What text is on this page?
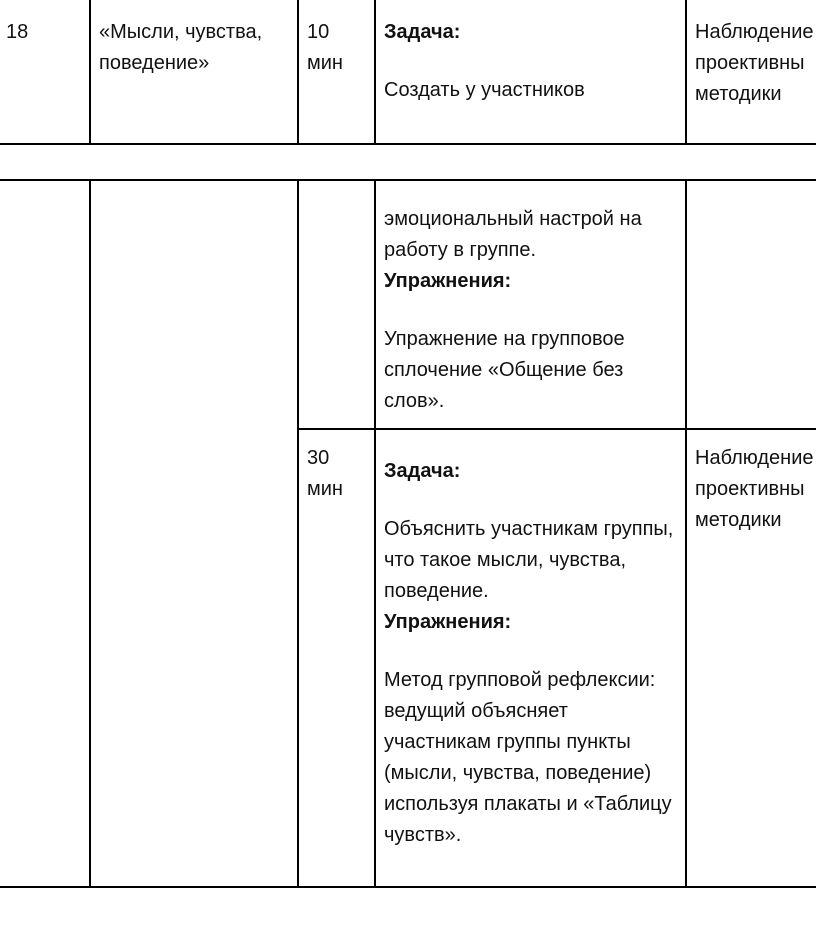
18	«Мысли, чувства, поведение»

10

мин

Задача:

Создать у участников

Наблюдение

проективны

методики

эмоциональный настрой на работу в группе.

Упражнения:

Упражнение на групповое сплочение «Общение без слов».

30

мин

Задача:

Объяснить участникам группы, что такое мысли, чувства, поведение.

Упражнения:

Метод групповой рефлексии: ведущий объясняет участникам группы пункты (мысли, чувства, поведение) используя плакаты и «Таблицу чувств».

Наблюдение

проективны

методики
